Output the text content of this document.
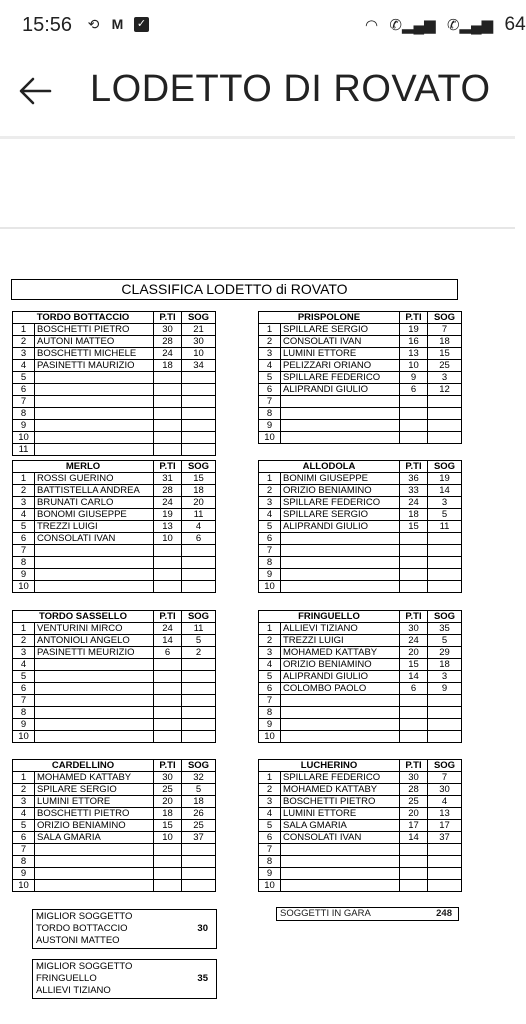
15:56 ⟲ M ✓	◠ ✆▂▄▆ ✆▂▄▆ 64
LODETTO DI ROVATO
CLASSIFICA LODETTO di ROVATO
TORDO BOTTACCIO		P.TI	SOG
1	BOSCHETTI PIETRO	30	21
2	AUTONI MATTEO	28	30
3	BOSCHETTI MICHELE	24	10
4	PASINETTI MAURIZIO	18	34
5			
6			
7			
8			
9			
10			
11			
PRISPOLONE		P.TI	SOG
1	SPILLARE SERGIO	19	7
2	CONSOLATI IVAN	16	18
3	LUMINI ETTORE	13	15
4	PELIZZARI ORIANO	10	25
5	SPILLARE FEDERICO	9	3
6	ALIPRANDI GIULIO	6	12
7			
8			
9			
10			
MERLO		P.TI	SOG
1	ROSSI GUERINO	31	15
2	BATTISTELLA ANDREA	28	18
3	BRUNATI CARLO	24	20
4	BONOMI GIUSEPPE	19	11
5	TREZZI LUIGI	13	4
6	CONSOLATI IVAN	10	6
7			
8			
9			
10			
ALLODOLA		P.TI	SOG
1	BONIMI GIUSEPPE	36	19
2	ORIZIO BENIAMINO	33	14
3	SPILLARE FEDERICO	24	3
4	SPILLARE SERGIO	18	5
5	ALIPRANDI GIULIO	15	11
6			
7			
8			
9			
10			
TORDO SASSELLO		P.TI	SOG
1	VENTURINI MIRCO	24	11
2	ANTONIOLI ANGELO	14	5
3	PASINETTI MEURIZIO	6	2
4			
5			
6			
7			
8			
9			
10			
FRINGUELLO		P.TI	SOG
1	ALLIEVI TIZIANO	30	35
2	TREZZI LUIGI	24	5
3	MOHAMED KATTABY	20	29
4	ORIZIO BENIAMINO	15	18
5	ALIPRANDI GIULIO	14	3
6	COLOMBO PAOLO	6	9
7			
8			
9			
10			
CARDELLINO		P.TI	SOG
1	MOHAMED KATTABY	30	32
2	SPILARE SERGIO	25	5
3	LUMINI ETTORE	20	18
4	BOSCHETTI PIETRO	18	26
5	ORIZIO BENIAMINO	15	25
6	SALA GMARIA	10	37
7			
8			
9			
10			
LUCHERINO		P.TI	SOG
1	SPILLARE FEDERICO	30	7
2	MOHAMED KATTABY	28	30
3	BOSCHETTI PIETRO	25	4
4	LUMINI ETTORE	20	13
5	SALA GMARIA	17	17
6	CONSOLATI IVAN	14	37
7			
8			
9			
10			
MIGLIOR SOGGETTO
TORDO BOTTACCIO
AUSTONI MATTEO
30
MIGLIOR SOGGETTO
FRINGUELLO
ALLIEVI TIZIANO
35
SOGGETTI IN GARA	248
